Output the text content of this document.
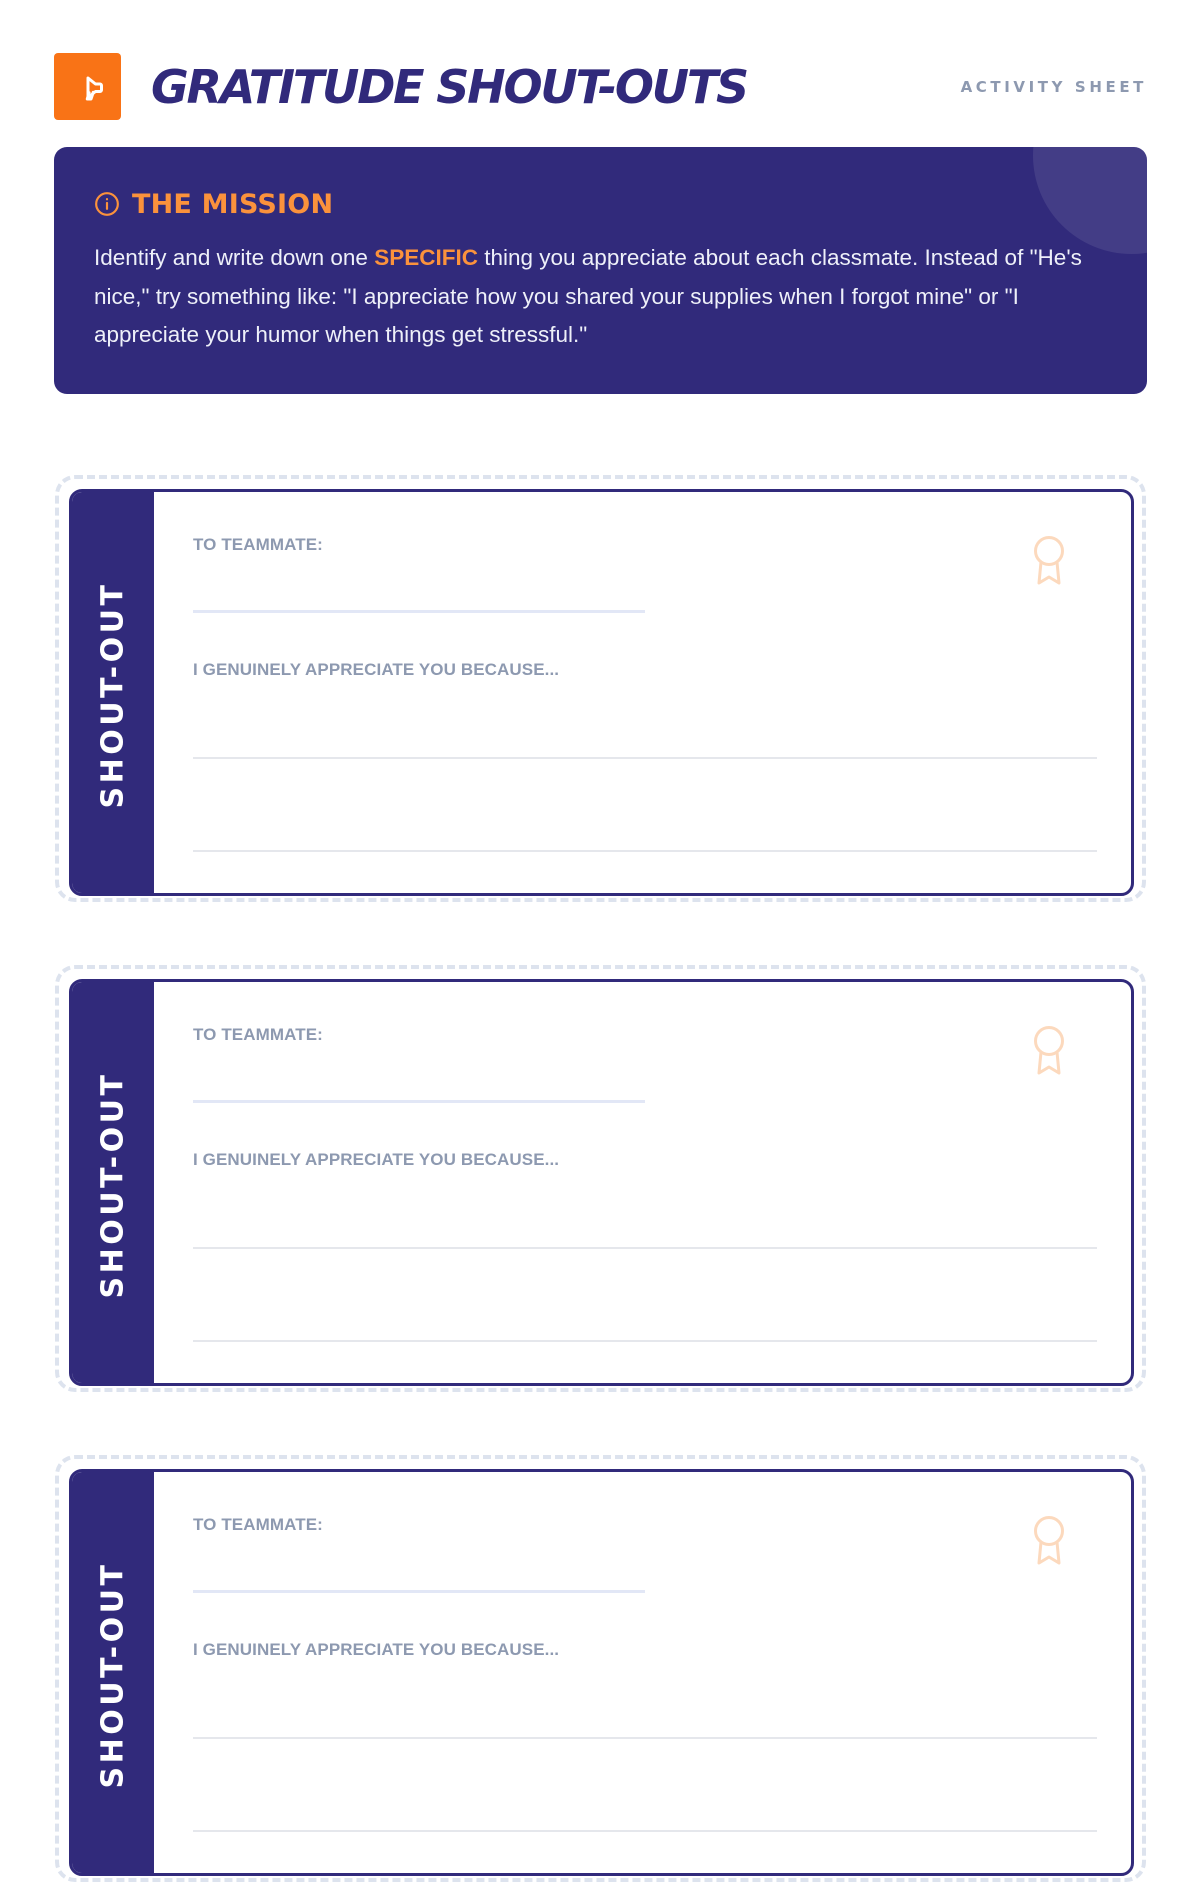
GRATITUDE SHOUT-OUTS	ACTIVITY SHEET
THE MISSION
Identify and write down one SPECIFIC thing you appreciate about each classmate. Instead of "He's nice," try something like: "I appreciate how you shared your supplies when I forgot mine" or "I appreciate your humor when things get stressful."
SHOUT-OUT
TO TEAMMATE:
I GENUINELY APPRECIATE YOU BECAUSE...
SHOUT-OUT
TO TEAMMATE:
I GENUINELY APPRECIATE YOU BECAUSE...
SHOUT-OUT
TO TEAMMATE:
I GENUINELY APPRECIATE YOU BECAUSE...
